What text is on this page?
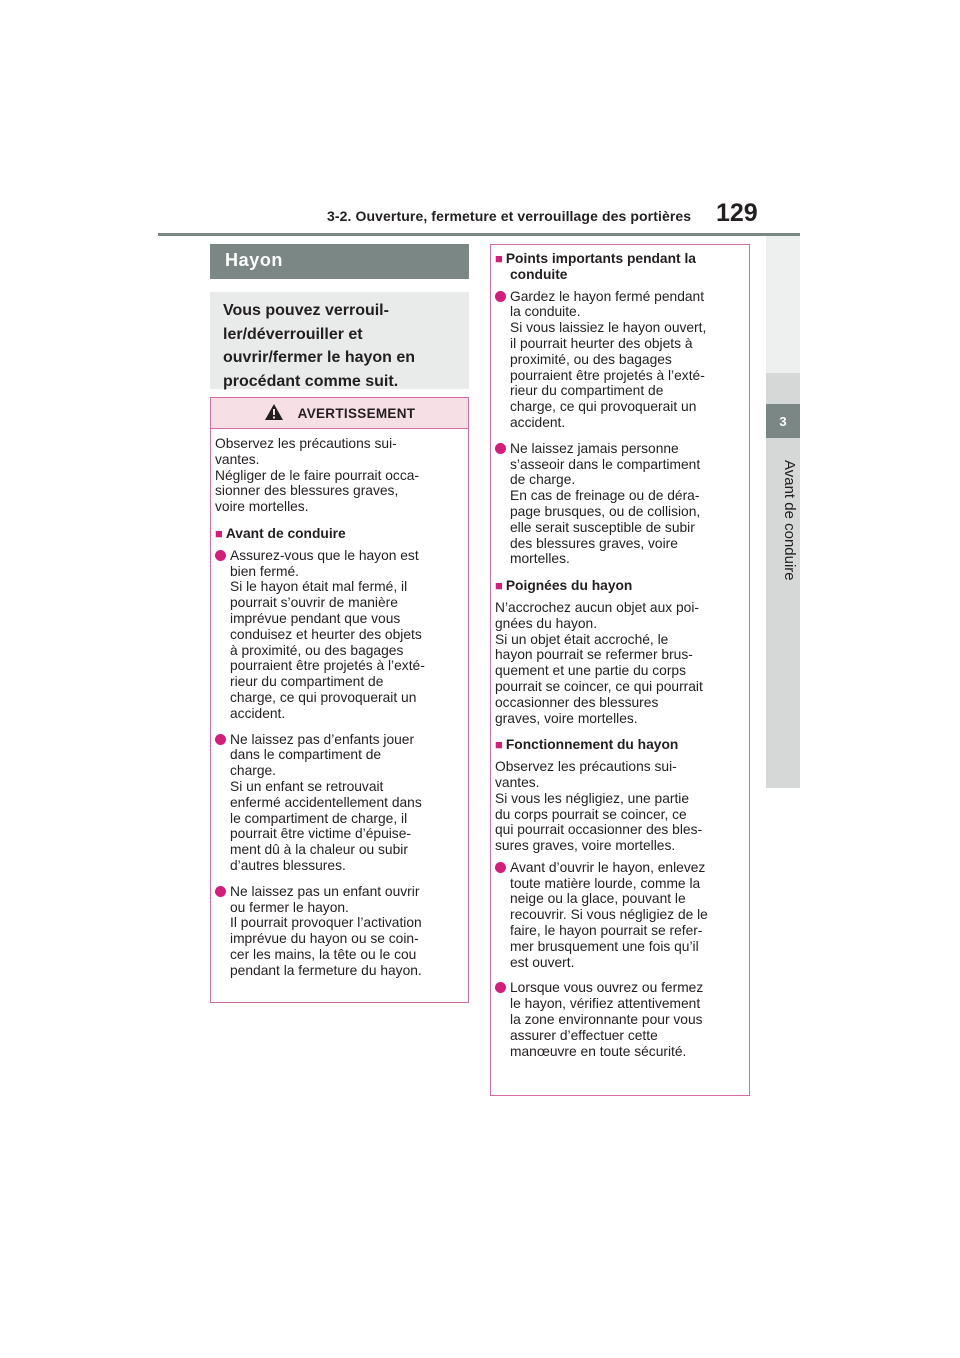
3-2. Ouverture, fermeture et verrouillage des portières 129
3
Avant de conduire
Hayon
Vous pouvez verrouil-
ler/déverrouiller et
ouvrir/fermer le hayon en
procédant comme suit.
AVERTISSEMENT

Observez les précautions sui-
vantes.
Négliger de le faire pourrait occa-
sionner des blessures graves,
voire mortelles.

■ Avant de conduire

Assurez-vous que le hayon est
bien fermé.
Si le hayon était mal fermé, il
pourrait s’ouvrir de manière
imprévue pendant que vous
conduisez et heurter des objets
à proximité, ou des bagages
pourraient être projetés à l’exté-
rieur du compartiment de
charge, ce qui provoquerait un
accident.

Ne laissez pas d’enfants jouer
dans le compartiment de
charge.
Si un enfant se retrouvait
enfermé accidentellement dans
le compartiment de charge, il
pourrait être victime d’épuise-
ment dû à la chaleur ou subir
d’autres blessures.

Ne laissez pas un enfant ouvrir
ou fermer le hayon.
Il pourrait provoquer l’activation
imprévue du hayon ou se coin-
cer les mains, la tête ou le cou
pendant la fermeture du hayon.

■ Points importants pendant la
conduite

Gardez le hayon fermé pendant
la conduite.
Si vous laissiez le hayon ouvert,
il pourrait heurter des objets à
proximité, ou des bagages
pourraient être projetés à l’exté-
rieur du compartiment de
charge, ce qui provoquerait un
accident.

Ne laissez jamais personne
s’asseoir dans le compartiment
de charge.
En cas de freinage ou de déra-
page brusques, ou de collision,
elle serait susceptible de subir
des blessures graves, voire
mortelles.

■ Poignées du hayon

N’accrochez aucun objet aux poi-
gnées du hayon.
Si un objet était accroché, le
hayon pourrait se refermer brus-
quement et une partie du corps
pourrait se coincer, ce qui pourrait
occasionner des blessures
graves, voire mortelles.

■ Fonctionnement du hayon

Observez les précautions sui-
vantes.
Si vous les négligiez, une partie
du corps pourrait se coincer, ce
qui pourrait occasionner des bles-
sures graves, voire mortelles.

Avant d’ouvrir le hayon, enlevez
toute matière lourde, comme la
neige ou la glace, pouvant le
recouvrir. Si vous négligiez de le
faire, le hayon pourrait se refer-
mer brusquement une fois qu’il
est ouvert.

Lorsque vous ouvrez ou fermez
le hayon, vérifiez attentivement
la zone environnante pour vous
assurer d’effectuer cette
manœuvre en toute sécurité.
